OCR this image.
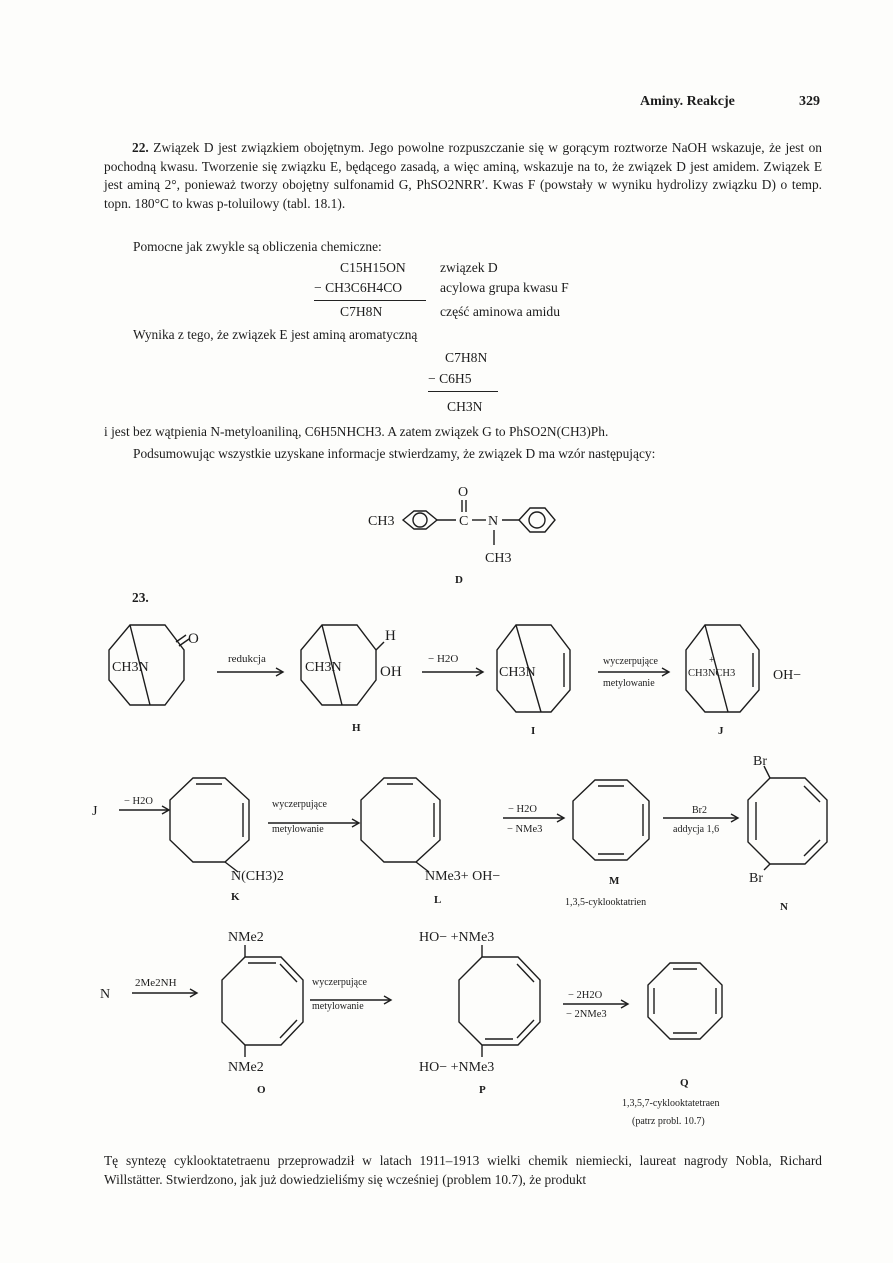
Aminy. Reakcje	329
22. Związek D jest związkiem obojętnym. Jego powolne rozpuszczanie się w gorącym roztworze NaOH wskazuje, że jest on pochodną kwasu. Tworzenie się związku E, będącego zasadą, a więc aminą, wskazuje na to, że związek D jest amidem. Związek E jest aminą 2°, ponieważ tworzy obojętny sulfonamid G, PhSO2NRR′. Kwas F (powstały w wyniku hydrolizy związku D) o temp. topn. 180°C to kwas p-toluilowy (tabl. 18.1).
Pomocne jak zwykle są obliczenia chemiczne:
C15H15ON	związek D
− CH3C6H4CO	acylowa grupa kwasu F
C7H8N	część aminowa amidu
Wynika z tego, że związek E jest aminą aromatyczną
C7H8N
− C6H5
CH3N
i jest bez wątpienia N-metyloaniliną, C6H5NHCH3. A zatem związek G to PhSO2N(CH3)Ph.
Podsumowując wszystkie uzyskane informacje stwierdzamy, że związek D ma wzór następujący:
23.
CH3
O
C N
CH3
D
CH3N
O
redukcja
CH3N
H
OH
− H2O
H
CH3N
I
wyczerpujące
metylowanie
+
CH3NCH3	OH−
J
J
− H2O
N(CH3)2
K
wyczerpujące
metylowanie
NMe3+ OH−
L
− H2O
− NMe3
M
1,3,5-cyklooktatrien
Br2
addycja 1,6
Br
Br
N
N
2Me2NH
NMe2
NMe2
O
wyczerpujące
metylowanie
HO− +NMe3
HO− +NMe3
P
− 2H2O
− 2NMe3
Q
1,3,5,7-cyklooktatetraen
(patrz probl. 10.7)
Tę syntezę cyklooktatetraenu przeprowadził w latach 1911–1913 wielki chemik niemiecki, laureat nagrody Nobla, Richard Willstätter. Stwierdzono, jak już dowiedzieliśmy się wcześniej (problem 10.7), że produkt
